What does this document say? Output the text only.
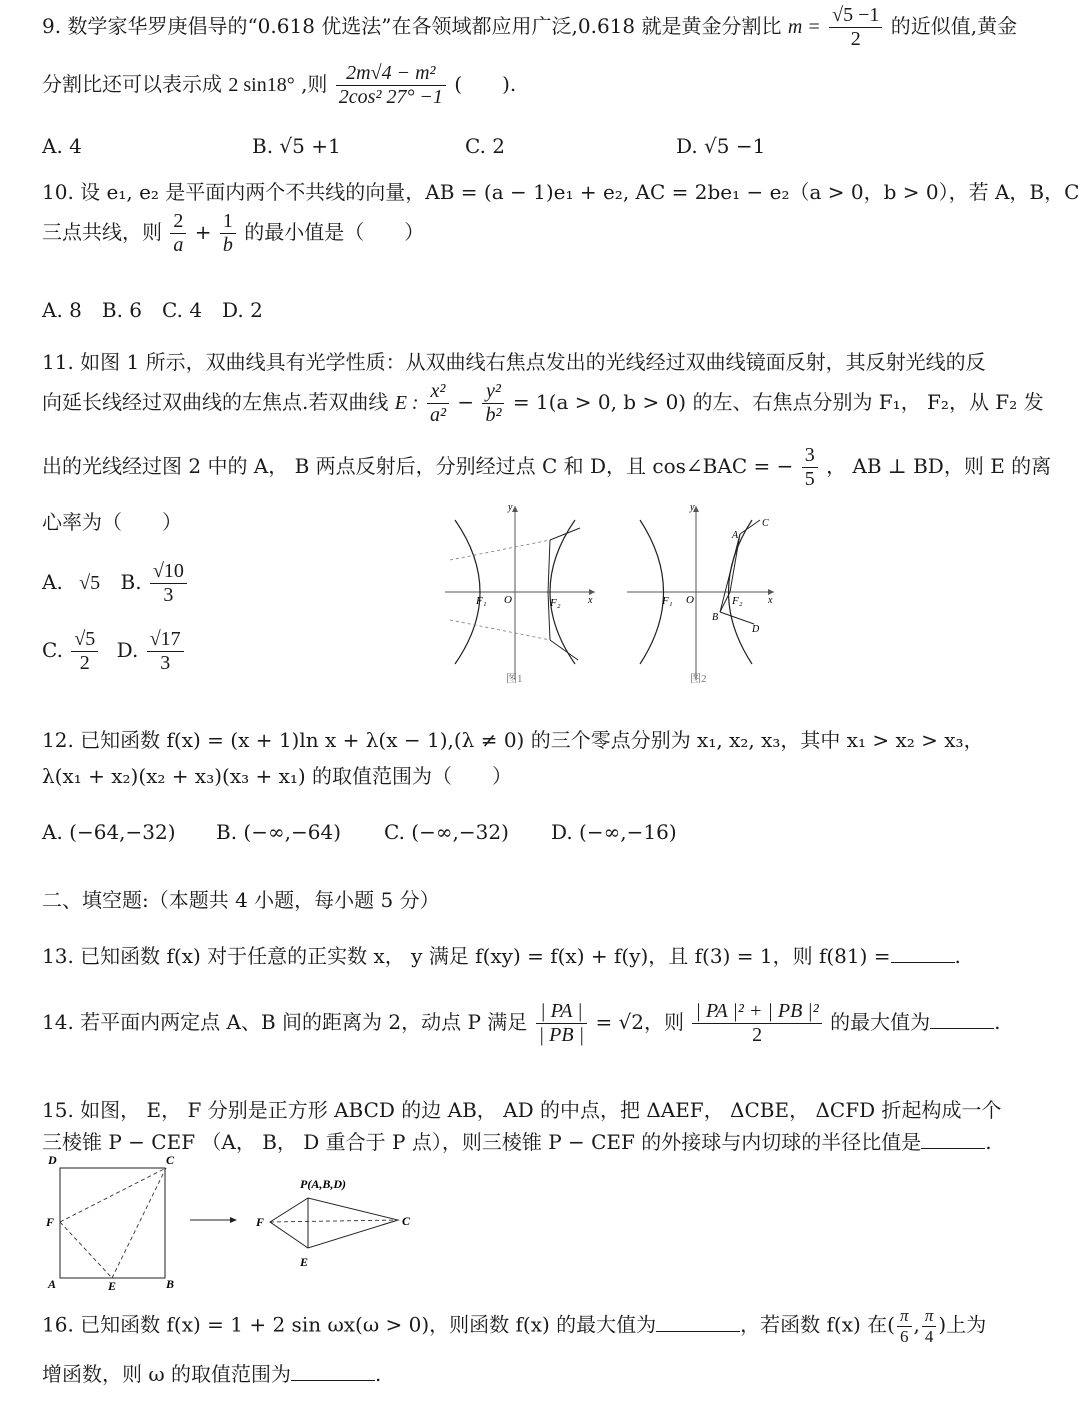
9. 数学家华罗庚倡导的“0.618 优选法”在各领域都应用广泛,0.618 就是黄金分割比 $m = \frac{√5 -1}{2}$ 的近似值,黄金
分割比还可以表示成 2 sin18° ,则 $\frac{\text{2m√4 − m²}}{\text{2cos² 27° −1}}$ (　　).
A. 4	B. √5 +1	C. 2	D. √5 −1
10. 设 e₁, e₂ 是平面内两个不共线的向量，AB = (a − 1)e₁ + e₂, AC = 2be₁ − e₂（a > 0，b > 0），若 A，B，C
三点共线，则 $\frac{2}{a} + \frac{1}{b}$ 的最小值是（　　）
A. 8　B. 6　C. 4　D. 2
11. 如图 1 所示，双曲线具有光学性质：从双曲线右焦点发出的光线经过双曲线镜面反射，其反射光线的反
向延长线经过双曲线的左焦点.若双曲线 E : $\frac{\text{x²}}{\text{a²}} - \frac{\text{y²}}{\text{b²}} = 1(a > 0$, b > 0) 的左、右焦点分别为 F₁， F₂，从 F₂ 发
出的光线经过图 2 中的 A， B 两点反射后，分别经过点 C 和 D，且 cos∠BAC = − $\frac{3}{5}$ ， AB ⊥ BD，则 E 的离
心率为（　　）
A. √5 B. $\frac{√10}{3}$
C. $\frac{√5}{2} D$. $\frac{√17}{3}$
F₁ O	F₂	x
y
图1
F₁ O	F₂
A
C
B
D
x
y
图2
12. 已知函数 f(x) = (x + 1)ln x + λ(x − 1),(λ ≠ 0) 的三个零点分别为 x₁, x₂, x₃，其中 x₁ > x₂ > x₃，
λ(x₁ + x₂)(x₂ + x₃)(x₃ + x₁) 的取值范围为（　　）
A. (−64,−32) B. (−∞,−64) C. (−∞,−32) D. (−∞,−16)
二、填空题:（本题共 4 小题，每小题 5 分）
13. 已知函数 f(x) 对于任意的正实数 x， y 满足 f(xy) = f(x) + f(y)，且 f(3) = 1，则 f(81) =	.
14. 若平面内两定点 A、B 间的距离为 2，动点 P 满足 $\frac{| PA |}{| PB |} = √2$，则 $\frac{\text{| PA |² + | PB |²}}{2}$ 的最大值为	.
15. 如图， E， F 分别是正方形 ABCD 的边 AB， AD 的中点，把 ΔAEF， ΔCBE， ΔCFD 折起构成一个
三棱锥 P − CEF （A， B， D 重合于 P 点），则三棱锥 P − CEF 的外接球与内切球的半径比值是	.
D	C
F
A	E	B
P(A,B,D)
F	C
E
16. 已知函数 f(x) = 1 + 2 sin ωx(ω > 0)，则函数 f(x) 的最大值为	，若函数 f(x) 在( $\frac{\pi}{6}$ , $\frac{\pi}{4}$ )上为
增函数，则 ω 的取值范围为	.
